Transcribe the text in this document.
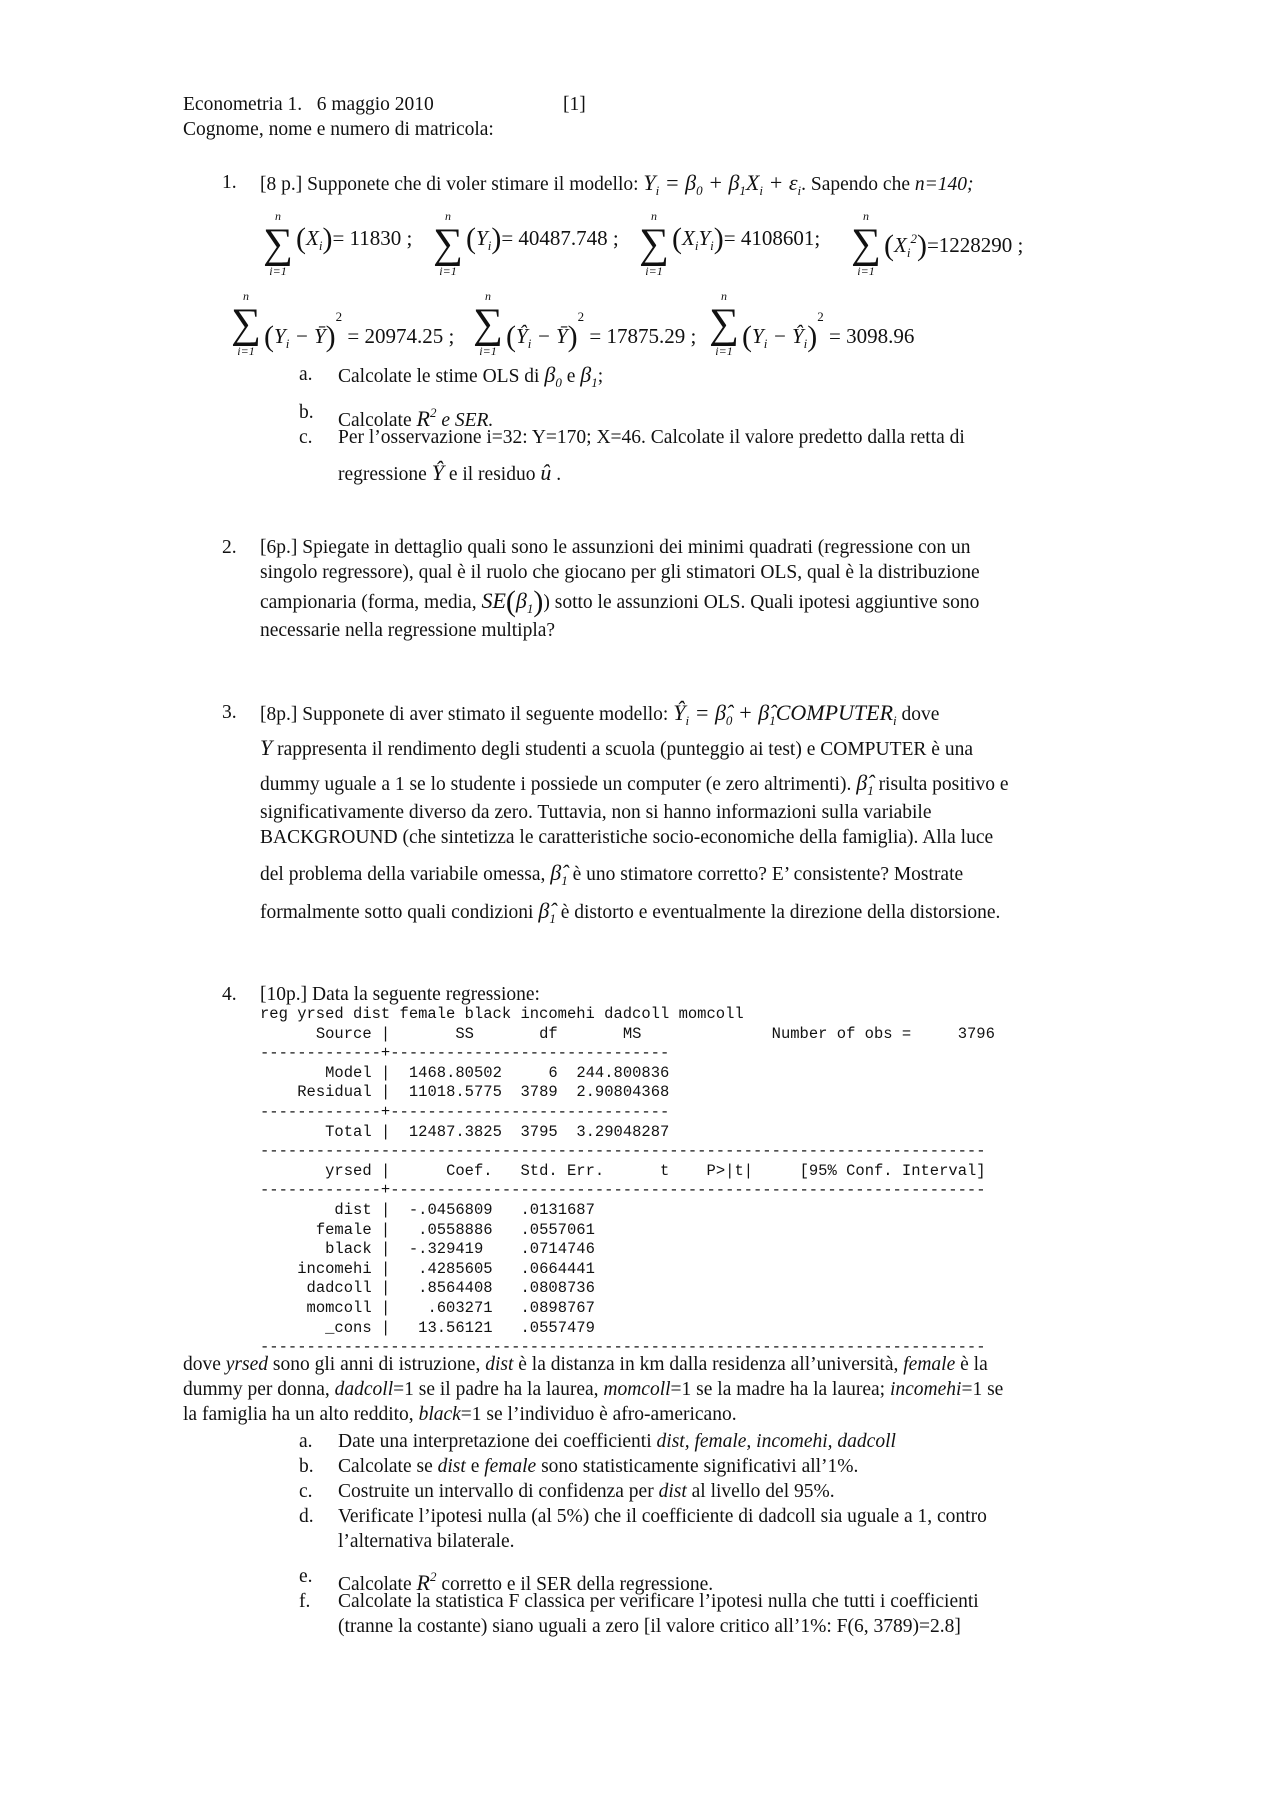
Econometria 1. 6 maggio 2010	[1]
Cognome, nome e numero di matricola:
1. [8 p.] Supponete che di voler stimare il modello: $Y_i = \beta_0 + \beta_1X_i + \varepsilon_i$. Sapendo che n=140;
n
∑
i=1
$(X_i)= 11830$ ;
n
∑
i=1
$(Y_i)= 40487.748$ ;
n
∑
i=1
$(X_iY_i)= 4108601$;
n
∑
i=1
$(X_i^2)=1228290$ ;
n
∑
i=1 ($Y_i$ − Ȳ)$^2$ = 20974.25 ;
n
∑
i=1 ($Ŷ_i$ − Ȳ)$^2$ = 17875.29 ;
n
∑
i=1 ($Y_i$ − $Ŷ_i)^2 = 3098.96$
a. Calcolate le stime OLS di $\beta_0$ e $\beta_1$;
b. Calcolate $R^2$ e SER.
c. Per l’osservazione i=32: Y=170; X=46. Calcolate il valore predetto dalla retta di
regressione Ŷ e il residuo û .
2. [6p.] Spiegate in dettaglio quali sono le assunzioni dei minimi quadrati (regressione con un
singolo regressore), qual è il ruolo che giocano per gli stimatori OLS, qual è la distribuzione
campionaria (forma, media, $SE(\beta_1)$) sotto le assunzioni OLS. Quali ipotesi aggiuntive sono
necessarie nella regressione multipla?
3. [8p.] Supponete di aver stimato il seguente modello: $Ŷ_i$ = $\betâ_0$ + $\betâ_1COMPUTER_i$ dove
Y rappresenta il rendimento degli studenti a scuola (punteggio ai test) e COMPUTER è una
dummy uguale a 1 se lo studente i possiede un computer (e zero altrimenti). $\betâ_1$ risulta positivo e
significativamente diverso da zero. Tuttavia, non si hanno informazioni sulla variabile
BACKGROUND (che sintetizza le caratteristiche socio-economiche della famiglia). Alla luce
del problema della variabile omessa, $\betâ_1$ è uno stimatore corretto? E’ consistente? Mostrate
formalmente sotto quali condizioni $\betâ_1$ è distorto e eventualmente la direzione della distorsione.
4. [10p.] Data la seguente regressione:
reg yrsed dist female black incomehi dadcoll momcoll
Source |       SS	df	MS	Number of obs =	3796
-------------+------------------------------
Model |  1468.80502	6 244.800836
Residual |  11018.5775 3789 2.90804368
-------------+------------------------------
Total |  12487.3825 3795 3.29048287
------------------------------------------------------------------------------
yrsed |      Coef. Std. Err.	t P>|t|	[95% Conf. Interval]
-------------+----------------------------------------------------------------
dist |  -.0456809 .0131687
female |   .0558886 .0557061
black |  -.329419 .0714746
incomehi |   .4285605 .0664441
dadcoll |   .8564408 .0808736
momcoll |    .603271 .0898767
_cons |   13.56121 .0557479
------------------------------------------------------------------------------
dove yrsed sono gli anni di istruzione, dist è la distanza in km dalla residenza all’università, female è la
dummy per donna, dadcoll=1 se il padre ha la laurea, momcoll=1 se la madre ha la laurea; incomehi=1 se
la famiglia ha un alto reddito, black=1 se l’individuo è afro-americano.
a. Date una interpretazione dei coefficienti dist, female, incomehi, dadcoll
b. Calcolate se dist e female sono statisticamente significativi all’1%.
c. Costruite un intervallo di confidenza per dist al livello del 95%.
d. Verificate l’ipotesi nulla (al 5%) che il coefficiente di dadcoll sia uguale a 1, contro
l’alternativa bilaterale.
e. Calcolate $R^2$ corretto e il SER della regressione.
f. Calcolate la statistica F classica per verificare l’ipotesi nulla che tutti i coefficienti
(tranne la costante) siano uguali a zero [il valore critico all’1%: F(6, 3789)=2.8]
